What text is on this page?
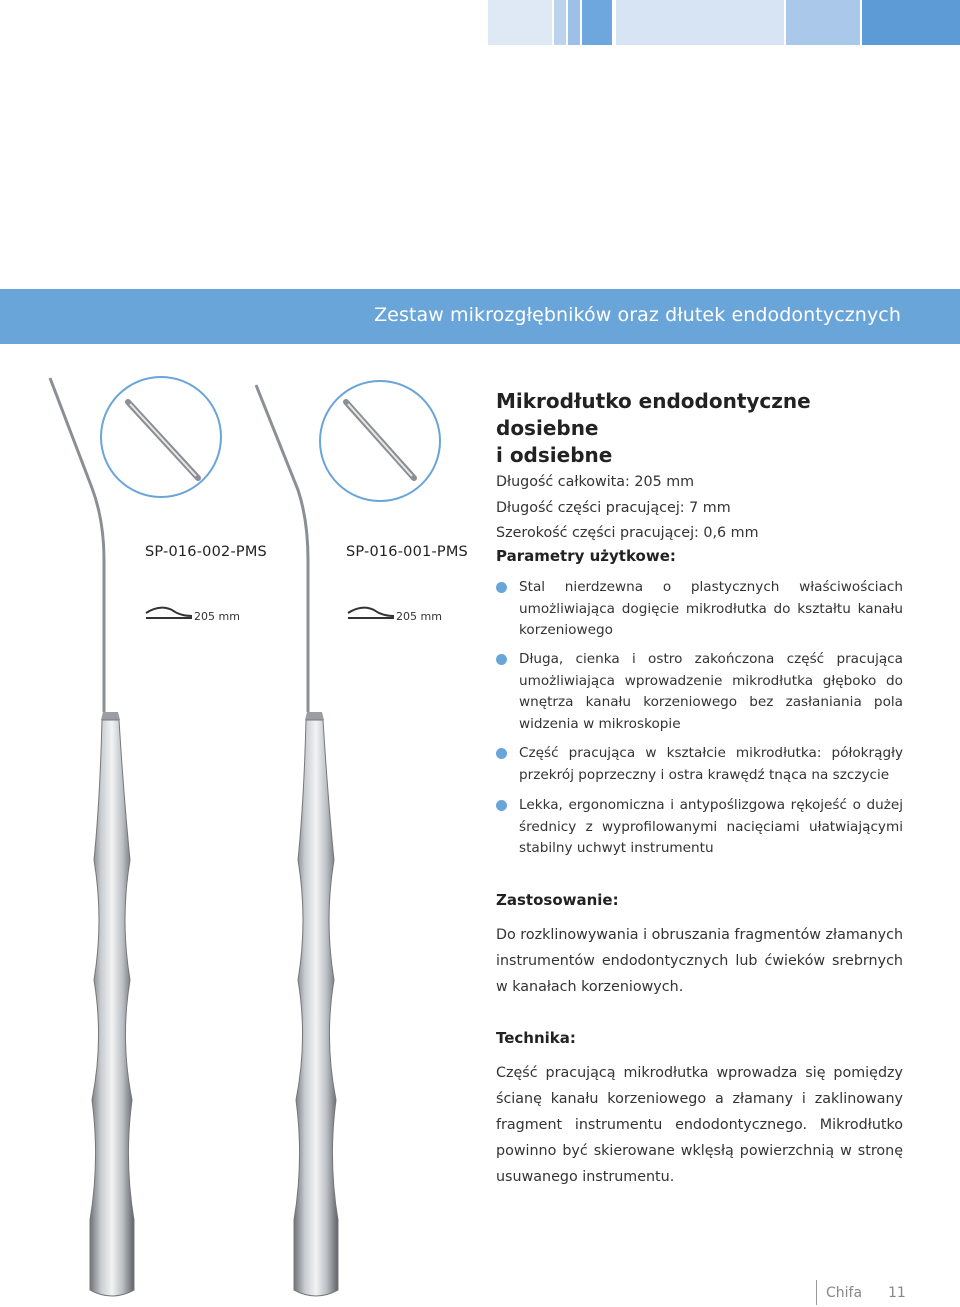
Zestaw mikrozgłębników oraz dłutek endodontycznych
SP-016-002-PMS	SP-016-001-PMS
205 mm	205 mm
Mikrodłutko endodontyczne dosiebne
i odsiebne
Długość całkowita: 205 mm
Długość części pracującej: 7 mm
Szerokość części pracującej: 0,6 mm
Parametry użytkowe:
Stal nierdzewna o plastycznych właściwościach umożliwiająca dogięcie mikrodłutka do kształtu kanału korzeniowego
Długa, cienka i ostro zakończona część pracująca umożliwiająca wprowadzenie mikrodłutka głęboko do wnętrza kanału korzeniowego bez zasłaniania pola widzenia w mikroskopie
Część pracująca w kształcie mikrodłutka: półokrągły przekrój poprzeczny i ostra krawędź tnąca na szczycie
Lekka, ergonomiczna i antypoślizgowa rękojeść o dużej średnicy z wyprofilowanymi nacięciami ułatwiającymi stabilny uchwyt instrumentu
Zastosowanie:
Do rozklinowywania i obruszania fragmentów złamanych instrumentów endodontycznych lub ćwieków srebrnych w kanałach korzeniowych.
Technika:
Część pracującą mikrodłutka wprowadza się pomiędzy ścianę kanału korzeniowego a złamany i zaklinowany fragment instrumentu endodontycznego. Mikrodłutko powinno być skierowane wklęsłą powierzchnią w stronę usuwanego instrumentu.
Chifa 11
